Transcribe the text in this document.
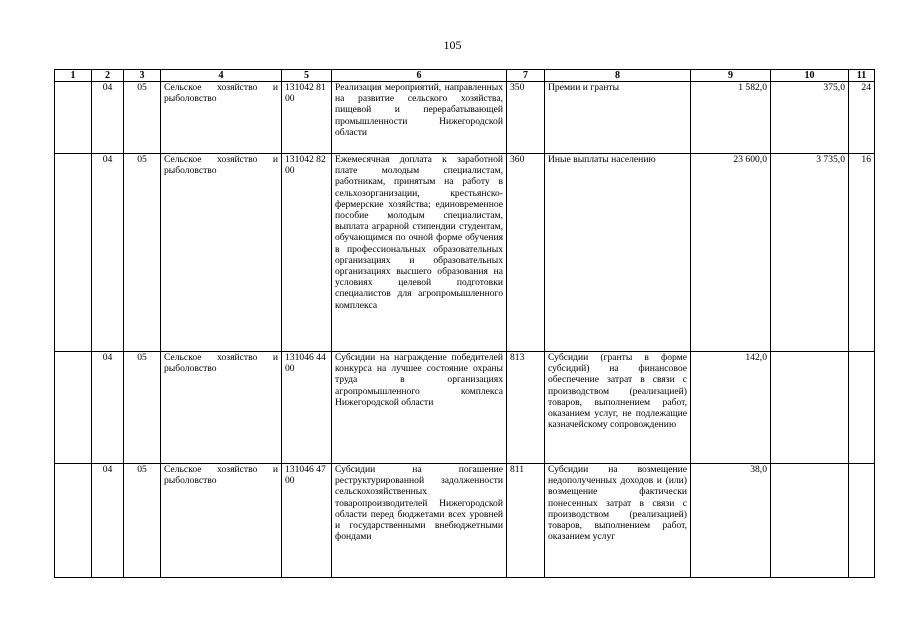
105
1	2	3	4	5	6	7	8	9	10	11
	04	05	Сельское хозяйство и рыболовство	131042 8100	Реализация мероприятий, направленных на развитие сельского хозяйства, пищевой и перерабатывающей промышленности Нижегородской области	350	Премии и гранты	1 582,0	375,0	24
	04	05	Сельское хозяйство и рыболовство	131042 8200	Ежемесячная доплата к заработной плате молодым специалистам, работникам, принятым на работу в сельхозорганизации, крестьянско-фермерские хозяйства; единовременное пособие молодым специалистам, выплата аграрной стипендии студентам, обучающимся по очной форме обучения в профессиональных образовательных организациях и образовательных организациях высшего образования на условиях целевой подготовки специалистов для агропромышленного комплекса	360	Иные выплаты населению	23 600,0	3 735,0	16
	04	05	Сельское хозяйство и рыболовство	131046 4400	Субсидии на награждение победителей конкурса на лучшее состояние охраны труда в организациях агропромышленного комплекса Нижегородской области	813	Субсидии (гранты в форме субсидий) на финансовое обеспечение затрат в связи с производством (реализацией) товаров, выполнением работ, оказанием услуг, не подлежащие казначейскому сопровождению	142,0		
	04	05	Сельское хозяйство и рыболовство	131046 4700	Субсидии на погашение реструктурированной задолженности сельскохозяйственных товаропроизводителей Нижегородской области перед бюджетами всех уровней и государственными внебюджетными фондами	811	Субсидии на возмещение недополученных доходов и (или) возмещение фактически понесенных затрат в связи с производством (реализацией) товаров, выполнением работ, оказанием услуг	38,0		
